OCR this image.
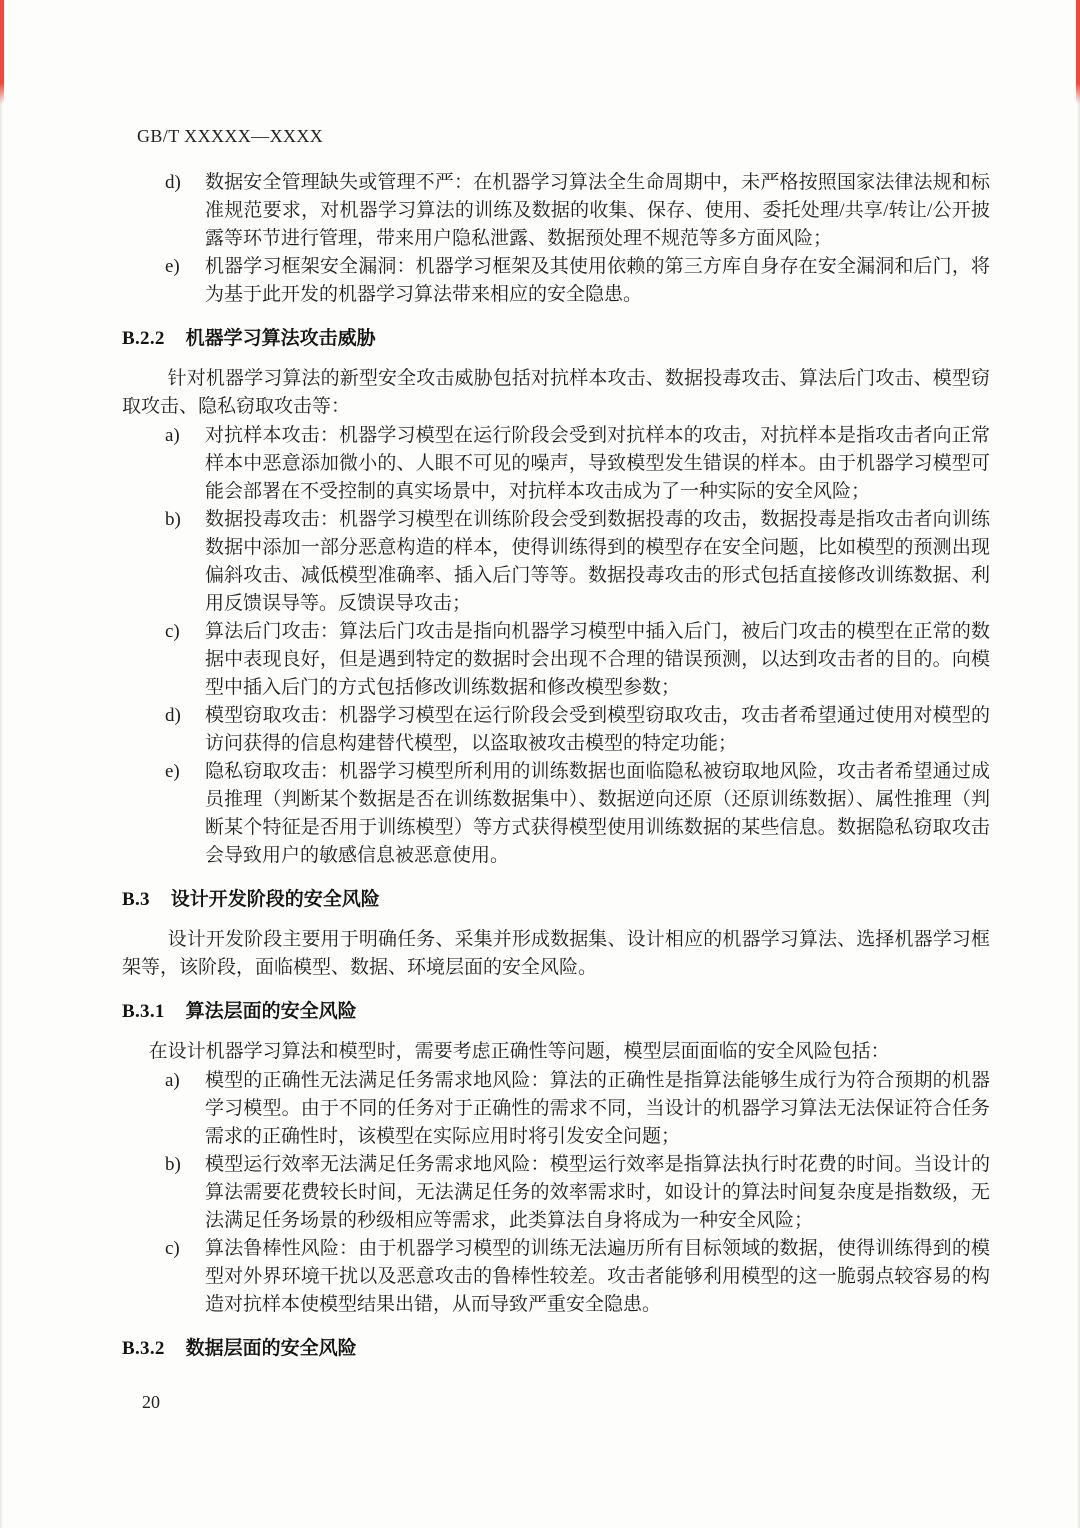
GB/T XXXXX—XXXX
d) 数据安全管理缺失或管理不严：在机器学习算法全生命周期中，未严格按照国家法律法规和标准规范要求，对机器学习算法的训练及数据的收集、保存、使用、委托处理/共享/转让/公开披露等环节进行管理，带来用户隐私泄露、数据预处理不规范等多方面风险；
e) 机器学习框架安全漏洞：机器学习框架及其使用依赖的第三方库自身存在安全漏洞和后门，将为基于此开发的机器学习算法带来相应的安全隐患。
B.2.2 机器学习算法攻击威胁

针对机器学习算法的新型安全攻击威胁包括对抗样本攻击、数据投毒攻击、算法后门攻击、模型窃取攻击、隐私窃取攻击等：

a) 对抗样本攻击：机器学习模型在运行阶段会受到对抗样本的攻击，对抗样本是指攻击者向正常样本中恶意添加微小的、人眼不可见的噪声，导致模型发生错误的样本。由于机器学习模型可能会部署在不受控制的真实场景中，对抗样本攻击成为了一种实际的安全风险；
b) 数据投毒攻击：机器学习模型在训练阶段会受到数据投毒的攻击，数据投毒是指攻击者向训练数据中添加一部分恶意构造的样本，使得训练得到的模型存在安全问题，比如模型的预测出现偏斜攻击、减低模型准确率、插入后门等等。数据投毒攻击的形式包括直接修改训练数据、利用反馈误导等。反馈误导攻击；
c) 算法后门攻击：算法后门攻击是指向机器学习模型中插入后门，被后门攻击的模型在正常的数据中表现良好，但是遇到特定的数据时会出现不合理的错误预测，以达到攻击者的目的。向模型中插入后门的方式包括修改训练数据和修改模型参数；
d) 模型窃取攻击：机器学习模型在运行阶段会受到模型窃取攻击，攻击者希望通过使用对模型的访问获得的信息构建替代模型，以盗取被攻击模型的特定功能；
e) 隐私窃取攻击：机器学习模型所利用的训练数据也面临隐私被窃取地风险，攻击者希望通过成员推理（判断某个数据是否在训练数据集中）、数据逆向还原（还原训练数据）、属性推理（判断某个特征是否用于训练模型）等方式获得模型使用训练数据的某些信息。数据隐私窃取攻击会导致用户的敏感信息被恶意使用。
B.3 设计开发阶段的安全风险

设计开发阶段主要用于明确任务、采集并形成数据集、设计相应的机器学习算法、选择机器学习框架等，该阶段，面临模型、数据、环境层面的安全风险。

B.3.1 算法层面的安全风险

在设计机器学习算法和模型时，需要考虑正确性等问题，模型层面面临的安全风险包括：

a) 模型的正确性无法满足任务需求地风险：算法的正确性是指算法能够生成行为符合预期的机器学习模型。由于不同的任务对于正确性的需求不同，当设计的机器学习算法无法保证符合任务需求的正确性时，该模型在实际应用时将引发安全问题；
b) 模型运行效率无法满足任务需求地风险：模型运行效率是指算法执行时花费的时间。当设计的算法需要花费较长时间，无法满足任务的效率需求时，如设计的算法时间复杂度是指数级，无法满足任务场景的秒级相应等需求，此类算法自身将成为一种安全风险；
c) 算法鲁棒性风险：由于机器学习模型的训练无法遍历所有目标领域的数据，使得训练得到的模型对外界环境干扰以及恶意攻击的鲁棒性较差。攻击者能够利用模型的这一脆弱点较容易的构造对抗样本使模型结果出错，从而导致严重安全隐患。
B.3.2 数据层面的安全风险
20
